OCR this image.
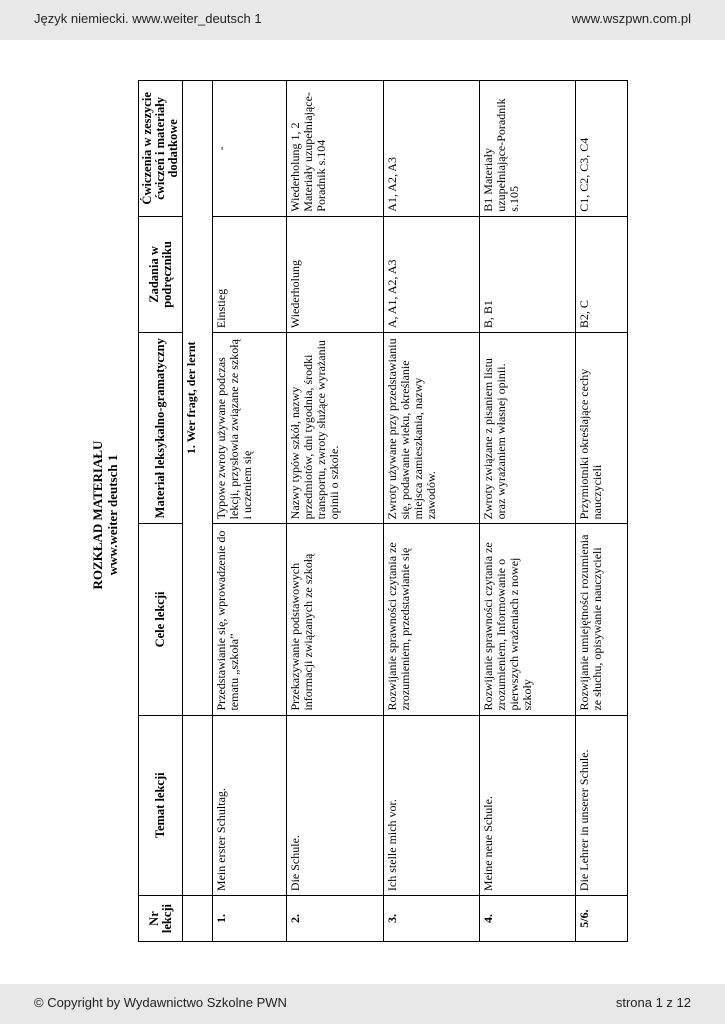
Język niemiecki. www.weiter_deutsch 1	www.wszpwn.com.pl
ROZKŁAD MATERIAŁU www.weiter deutsch 1
Nr lekcji	Temat lekcji	Cele lekcji	Materiał leksykalno-gramatyczny	Zadania w podręczniku	Ćwiczenia w zeszycie ćwiczeń i materiały dodatkowe
		1. Wer fragt, der lernt			
1.	Mein erster Schultag.	Przedstawianie się, wprowadzenie do tematu „szkoła”	Typowe zwroty używane podczas lekcji, przysłowia związane ze szkołą i uczeniem się	Einstieg	-
2.	Die Schule.	Przekazywanie podstawowych informacji związanych ze szkołą	Nazwy typów szkół, nazwy przedmiotów, dni tygodnia, środki transportu, zwroty służące wyrażaniu opinii o szkole.	Wiederholung	Wiederholung 1, 2 Materiały uzupełniające-Poradnik s.104
3.	Ich stelle mich vor.	Rozwijanie sprawności czytania ze zrozumieniem, przedstawianie się	Zwroty używane przy przedstawianiu się, podawanie wieku, określanie miejsca zamieszkania, nazwy zawodów.	A, A1, A2, A3	A1, A2, A3
4.	Meine neue Schule.	Rozwijanie sprawności czytania ze zrozumieniem, Informowanie o pierwszych wrażeniach z nowej szkoły	Zwroty związane z pisaniem listu oraz wyrażaniem własnej opinii.	B, B1	B1 Materiały uzupełniające-Poradnik s.105
5/6.	Die Lehrer in unserer Schule.	Rozwijanie umiejętności rozumienia ze słuchu, opisywanie nauczycieli	Przymiotniki określające cechy nauczycieli	B2, C	C1, C2, C3, C4
© Copyright by Wydawnictwo Szkolne PWN	strona 1 z 12
